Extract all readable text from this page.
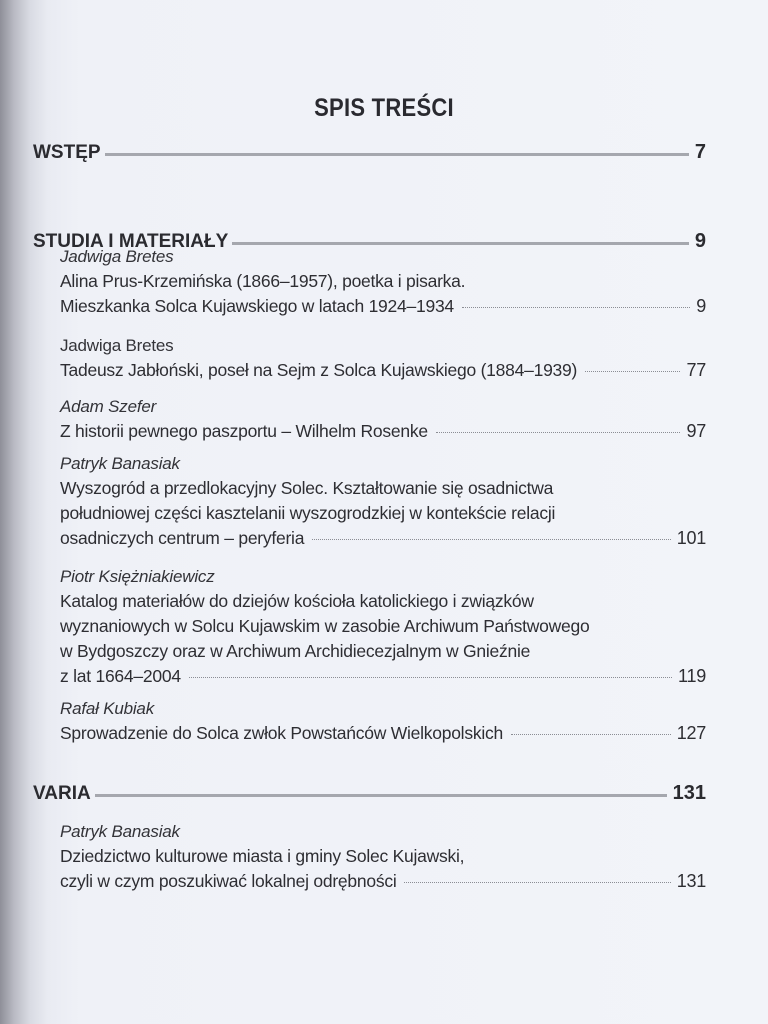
SPIS TREŚCI
WSTĘP	7
STUDIA I MATERIAŁY	9
Jadwiga Bretes
Alina Prus-Krzemińska (1866–1957), poetka i pisarka.
Mieszkanka Solca Kujawskiego w latach 1924–1934	9
Jadwiga Bretes
Tadeusz Jabłoński, poseł na Sejm z Solca Kujawskiego (1884–1939)	77
Adam Szefer
Z historii pewnego paszportu – Wilhelm Rosenke	97
Patryk Banasiak
Wyszogród a przedlokacyjny Solec. Kształtowanie się osadnictwa
południowej części kasztelanii wyszogrodzkiej w kontekście relacji
osadniczych centrum – peryferia	101
Piotr Księżniakiewicz
Katalog materiałów do dziejów kościoła katolickiego i związków
wyznaniowych w Solcu Kujawskim w zasobie Archiwum Państwowego
w Bydgoszczy oraz w Archiwum Archidiecezjalnym w Gnieźnie
z lat 1664–2004	119
Rafał Kubiak
Sprowadzenie do Solca zwłok Powstańców Wielkopolskich	127
VARIA	131
Patryk Banasiak
Dziedzictwo kulturowe miasta i gminy Solec Kujawski,
czyli w czym poszukiwać lokalnej odrębności	131
